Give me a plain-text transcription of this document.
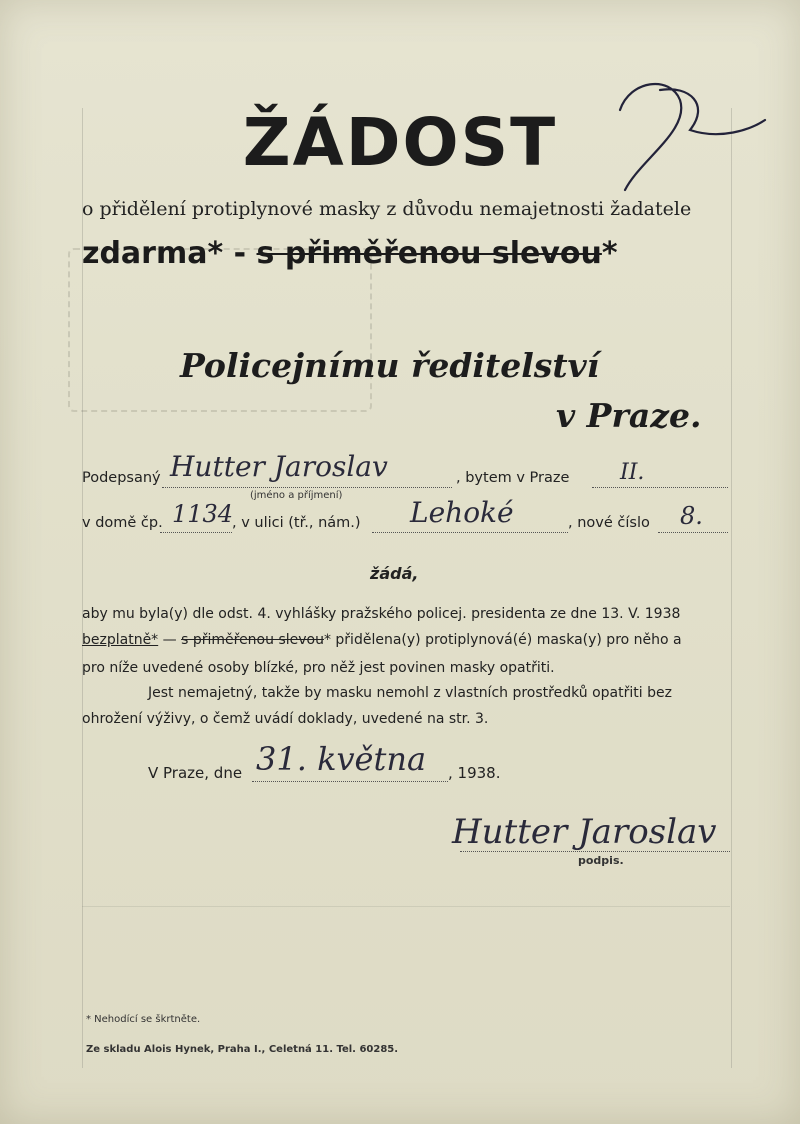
ŽÁDOST
o přidělení protiplynové masky z důvodu nemajetnosti žadatele
zdarma* - s přiměřenou slevou*
Policejnímu ředitelství
v Praze.
Podepsaný Hutter Jaroslav
(jméno a příjmení)
, bytem v Praze II.
v domě čp. 1134
, v ulici (tř., nám.) Lehoké	, nové číslo 8.
žádá,
aby mu byla(y) dle odst. 4. vyhlášky pražského policej. presidenta ze dne 13. V. 1938
bezplatně* — s přiměřenou slevou* přidělena(y) protiplynová(é) maska(y) pro něho a
pro níže uvedené osoby blízké, pro něž jest povinen masky opatřiti.
Jest nemajetný, takže by masku nemohl z vlastních prostředků opatřiti bez
ohrožení výživy, o čemž uvádí doklady, uvedené na str. 3.
V Praze, dne 31. května , 1938.
Hutter Jaroslav
podpis.
* Nehodící se škrtněte.
Ze skladu Alois Hynek, Praha I., Celetná 11. Tel. 60285.
